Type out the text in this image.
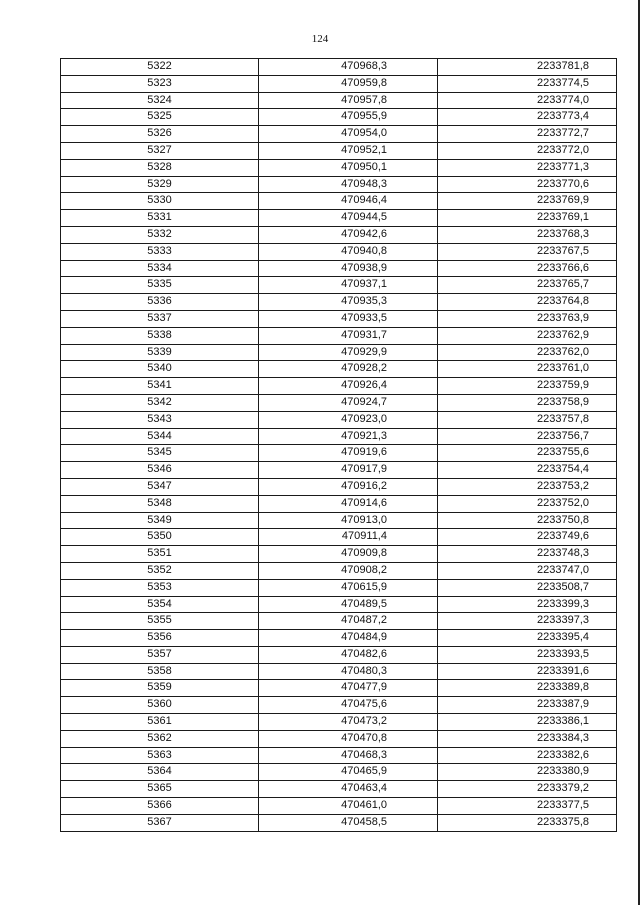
124
5322	470968,3	2233781,8
5323	470959,8	2233774,5
5324	470957,8	2233774,0
5325	470955,9	2233773,4
5326	470954,0	2233772,7
5327	470952,1	2233772,0
5328	470950,1	2233771,3
5329	470948,3	2233770,6
5330	470946,4	2233769,9
5331	470944,5	2233769,1
5332	470942,6	2233768,3
5333	470940,8	2233767,5
5334	470938,9	2233766,6
5335	470937,1	2233765,7
5336	470935,3	2233764,8
5337	470933,5	2233763,9
5338	470931,7	2233762,9
5339	470929,9	2233762,0
5340	470928,2	2233761,0
5341	470926,4	2233759,9
5342	470924,7	2233758,9
5343	470923,0	2233757,8
5344	470921,3	2233756,7
5345	470919,6	2233755,6
5346	470917,9	2233754,4
5347	470916,2	2233753,2
5348	470914,6	2233752,0
5349	470913,0	2233750,8
5350	470911,4	2233749,6
5351	470909,8	2233748,3
5352	470908,2	2233747,0
5353	470615,9	2233508,7
5354	470489,5	2233399,3
5355	470487,2	2233397,3
5356	470484,9	2233395,4
5357	470482,6	2233393,5
5358	470480,3	2233391,6
5359	470477,9	2233389,8
5360	470475,6	2233387,9
5361	470473,2	2233386,1
5362	470470,8	2233384,3
5363	470468,3	2233382,6
5364	470465,9	2233380,9
5365	470463,4	2233379,2
5366	470461,0	2233377,5
5367	470458,5	2233375,8
